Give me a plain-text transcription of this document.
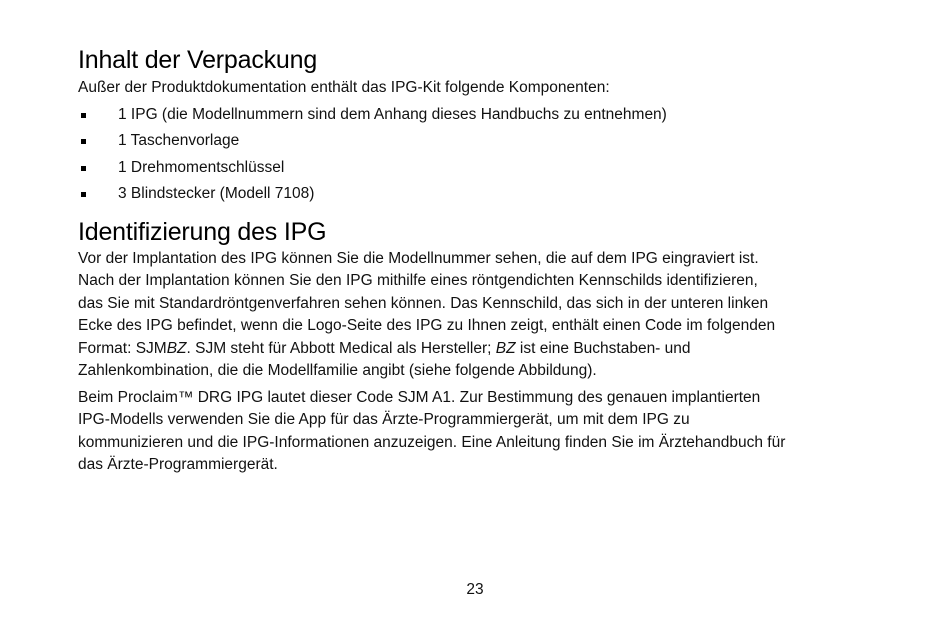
Inhalt der Verpackung

Außer der Produktdokumentation enthält das IPG-Kit folgende Komponenten:

1 IPG (die Modellnummern sind dem Anhang dieses Handbuchs zu entnehmen)
1 Taschenvorlage
1 Drehmomentschlüssel
3 Blindstecker (Modell 7108)
Identifizierung des IPG

Vor der Implantation des IPG können Sie die Modellnummer sehen, die auf dem IPG eingraviert ist.
Nach der Implantation können Sie den IPG mithilfe eines röntgendichten Kennschilds identifizieren,
das Sie mit Standardröntgenverfahren sehen können. Das Kennschild, das sich in der unteren linken
Ecke des IPG befindet, wenn die Logo-Seite des IPG zu Ihnen zeigt, enthält einen Code im folgenden
Format: SJMBZ. SJM steht für Abbott Medical als Hersteller; BZ ist eine Buchstaben- und
Zahlenkombination, die die Modellfamilie angibt (siehe folgende Abbildung).

Beim Proclaim™ DRG IPG lautet dieser Code SJM A1. Zur Bestimmung des genauen implantierten
IPG-Modells verwenden Sie die App für das Ärzte-Programmiergerät, um mit dem IPG zu
kommunizieren und die IPG-Informationen anzuzeigen. Eine Anleitung finden Sie im Ärztehandbuch für
das Ärzte-Programmiergerät.

23
